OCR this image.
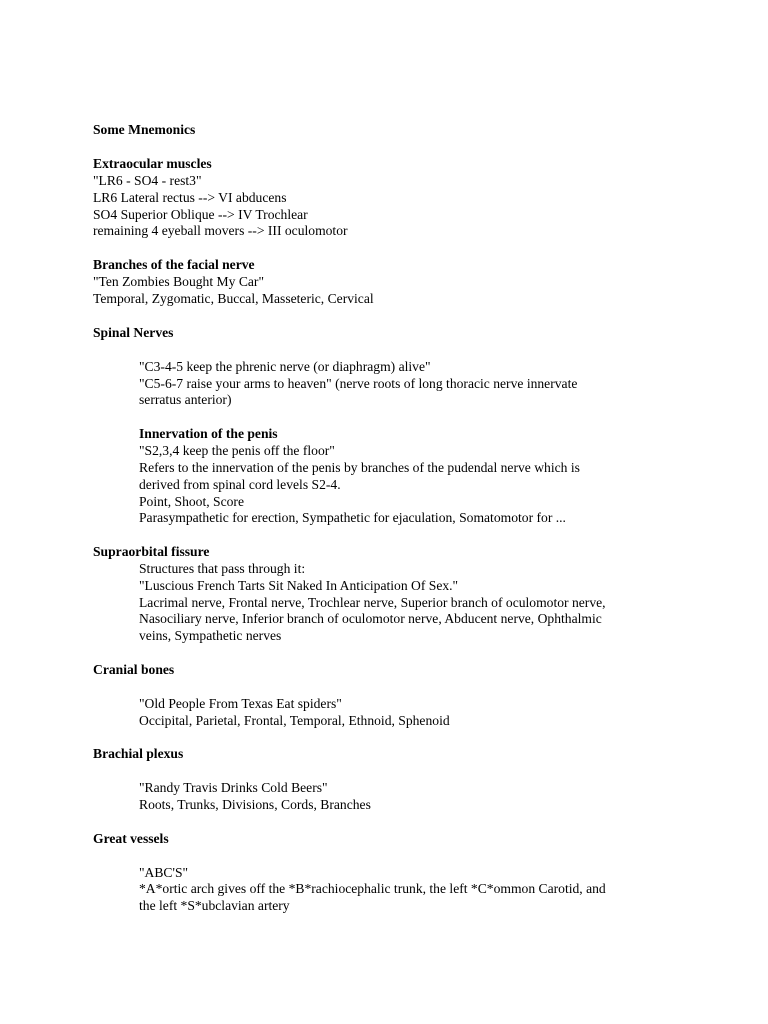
Some Mnemonics
Extraocular muscles
"LR6 - SO4 - rest3"
LR6 Lateral rectus --> VI abducens
SO4 Superior Oblique --> IV Trochlear
remaining 4 eyeball movers --> III oculomotor
Branches of the facial nerve
"Ten Zombies Bought My Car"
Temporal, Zygomatic, Buccal, Masseteric, Cervical
Spinal Nerves
"C3-4-5 keep the phrenic nerve (or diaphragm) alive"
"C5-6-7 raise your arms to heaven" (nerve roots of long thoracic nerve innervate
serratus anterior)
Innervation of the penis
"S2,3,4 keep the penis off the floor"
Refers to the innervation of the penis by branches of the pudendal nerve which is
derived from spinal cord levels S2-4.
Point, Shoot, Score
Parasympathetic for erection, Sympathetic for ejaculation, Somatomotor for ...
Supraorbital fissure
Structures that pass through it:
"Luscious French Tarts Sit Naked In Anticipation Of Sex."
Lacrimal nerve, Frontal nerve, Trochlear nerve, Superior branch of oculomotor nerve,
Nasociliary nerve, Inferior branch of oculomotor nerve, Abducent nerve, Ophthalmic
veins, Sympathetic nerves
Cranial bones
"Old People From Texas Eat spiders"
Occipital, Parietal, Frontal, Temporal, Ethnoid, Sphenoid
Brachial plexus
"Randy Travis Drinks Cold Beers"
Roots, Trunks, Divisions, Cords, Branches
Great vessels
"ABC'S"
*A*ortic arch gives off the *B*rachiocephalic trunk, the left *C*ommon Carotid, and
the left *S*ubclavian artery
